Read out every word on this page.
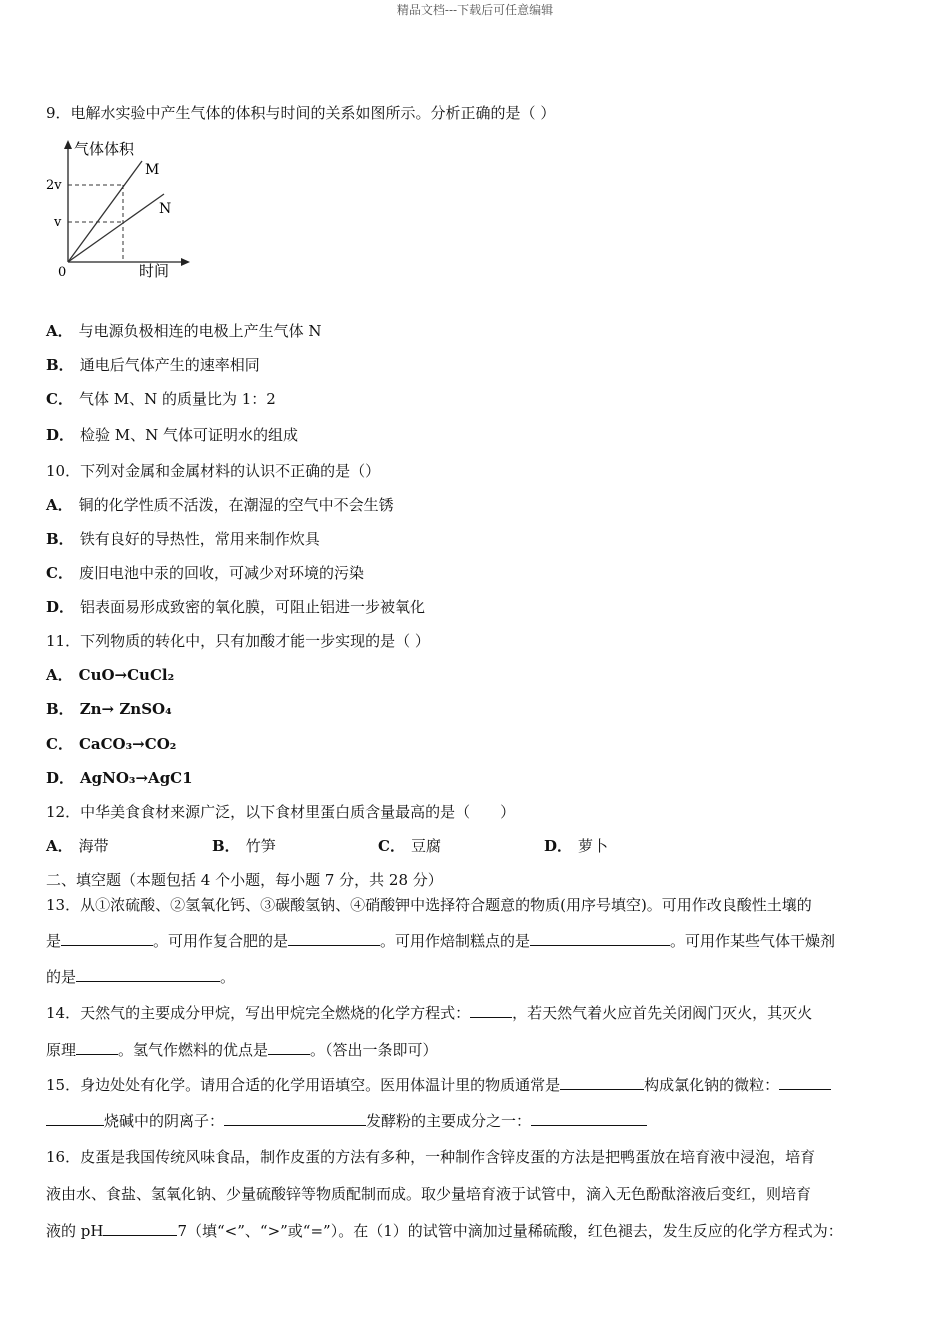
精品文档---下载后可任意编辑
9．电解水实验中产生气体的体积与时间的关系如图所示。分析正确的是（ ）
气体体积
时间
0
2v
v
M
N
A． 与电源负极相连的电极上产生气体 N
B． 通电后气体产生的速率相同
C． 气体 M、N 的质量比为 1：2
D． 检验 M、N 气体可证明水的组成
10．下列对金属和金属材料的认识不正确的是（）
A． 铜的化学性质不活泼，在潮湿的空气中不会生锈
B． 铁有良好的导热性，常用来制作炊具
C． 废旧电池中汞的回收，可减少对环境的污染
D． 铝表面易形成致密的氧化膜，可阻止铝进一步被氧化
11．下列物质的转化中，只有加酸才能一步实现的是（ ）
A． CuO→CuCl₂
B． Zn→ ZnSO₄
C． CaCO₃→CO₂
D． AgNO₃→AgC1
12．中华美食食材来源广泛，以下食材里蛋白质含量最高的是（　　）
A． 海带	B． 竹笋	C． 豆腐	D． 萝卜
二、填空题（本题包括 4 个小题，每小题 7 分，共 28 分）
13．从①浓硫酸、②氢氧化钙、③碳酸氢钠、④硝酸钾中选择符合题意的物质(用序号填空)。可用作改良酸性土壤的
是	。可用作复合肥的是	。可用作焙制糕点的是	。可用作某些气体干燥剂
的是	。
14．天然气的主要成分甲烷，写出甲烷完全燃烧的化学方程式：	，若天然气着火应首先关闭阀门灭火，其灭火
原理	。氢气作燃料的优点是	。（答出一条即可）
15．身边处处有化学。请用合适的化学用语填空。医用体温计里的物质通常是	构成氯化钠的微粒：
烧碱中的阴离子：	发酵粉的主要成分之一：
16．皮蛋是我国传统风味食品，制作皮蛋的方法有多种，一种制作含锌皮蛋的方法是把鸭蛋放在培育液中浸泡，培育
液由水、食盐、氢氧化钠、少量硫酸锌等物质配制而成。取少量培育液于试管中，滴入无色酚酞溶液后变红，则培育
液的 pH	7（填“<”、“>”或“=”）。在（1）的试管中滴加过量稀硫酸，红色褪去，发生反应的化学方程式为：
